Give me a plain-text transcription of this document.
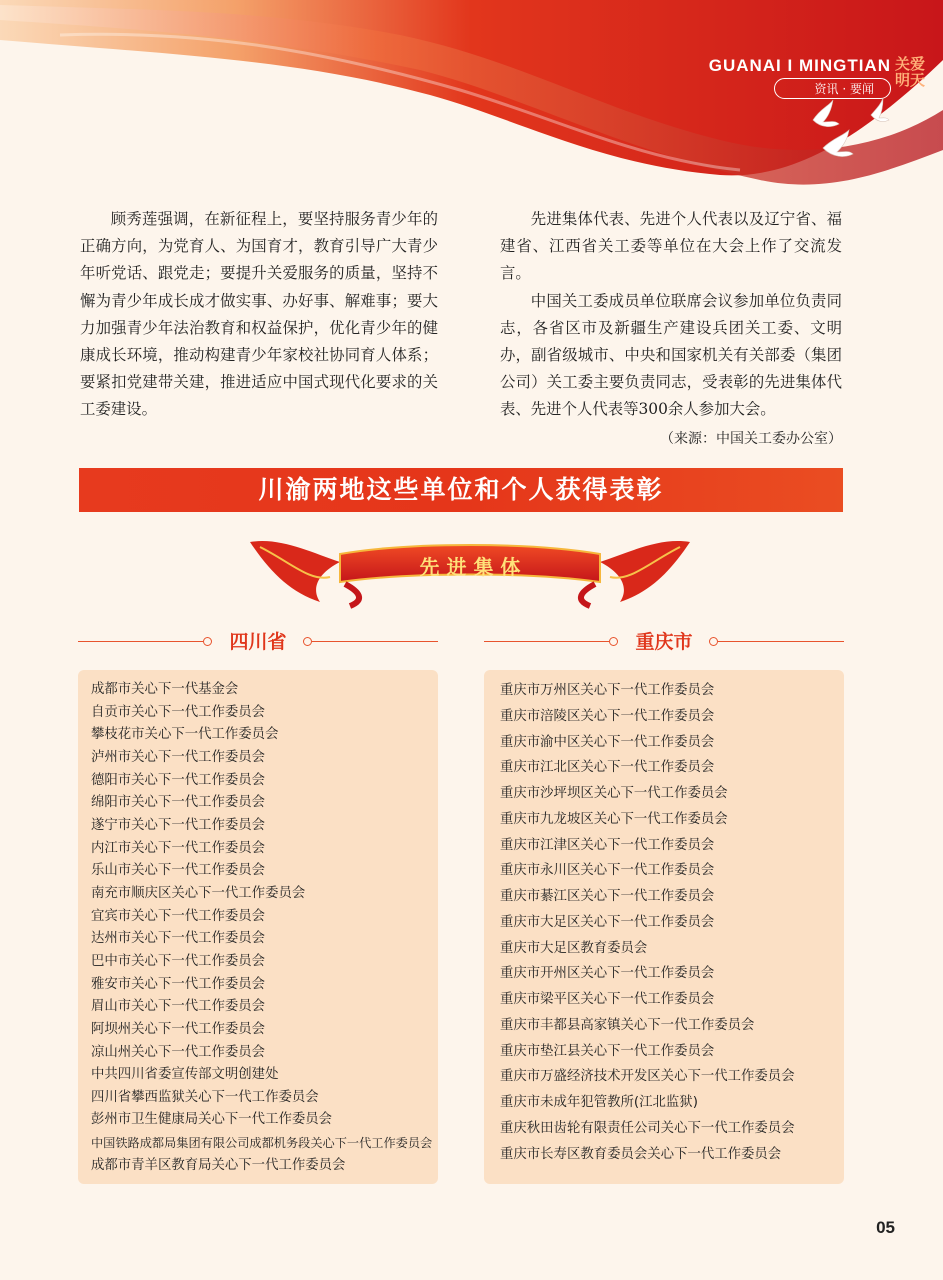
GUANAI I MINGTIAN
资讯 · 要闻
关爱
明天

顾秀莲强调，在新征程上，要坚持服务青少年的正确方向，为党育人、为国育才，教育引导广大青少年听党话、跟党走；要提升关爱服务的质量，坚持不懈为青少年成长成才做实事、办好事、解难事；要大力加强青少年法治教育和权益保护，优化青少年的健康成长环境，推动构建青少年家校社协同育人体系；要紧扣党建带关建，推进适应中国式现代化要求的关工委建设。

先进集体代表、先进个人代表以及辽宁省、福建省、江西省关工委等单位在大会上作了交流发言。

中国关工委成员单位联席会议参加单位负责同志，各省区市及新疆生产建设兵团关工委、文明办，副省级城市、中央和国家机关有关部委（集团公司）关工委主要负责同志，受表彰的先进集体代表、先进个人代表等300余人参加大会。

（来源：中国关工委办公室）
川渝两地这些单位和个人获得表彰
先 进 集 体
四川省	重庆市
成都市关心下一代基金会
自贡市关心下一代工作委员会
攀枝花市关心下一代工作委员会
泸州市关心下一代工作委员会
德阳市关心下一代工作委员会
绵阳市关心下一代工作委员会
遂宁市关心下一代工作委员会
内江市关心下一代工作委员会
乐山市关心下一代工作委员会
南充市顺庆区关心下一代工作委员会
宜宾市关心下一代工作委员会
达州市关心下一代工作委员会
巴中市关心下一代工作委员会
雅安市关心下一代工作委员会
眉山市关心下一代工作委员会
阿坝州关心下一代工作委员会
凉山州关心下一代工作委员会
中共四川省委宣传部文明创建处
四川省攀西监狱关心下一代工作委员会
彭州市卫生健康局关心下一代工作委员会
中国铁路成都局集团有限公司成都机务段关心下一代工作委员会
成都市青羊区教育局关心下一代工作委员会
重庆市万州区关心下一代工作委员会
重庆市涪陵区关心下一代工作委员会
重庆市渝中区关心下一代工作委员会
重庆市江北区关心下一代工作委员会
重庆市沙坪坝区关心下一代工作委员会
重庆市九龙坡区关心下一代工作委员会
重庆市江津区关心下一代工作委员会
重庆市永川区关心下一代工作委员会
重庆市綦江区关心下一代工作委员会
重庆市大足区关心下一代工作委员会
重庆市大足区教育委员会
重庆市开州区关心下一代工作委员会
重庆市梁平区关心下一代工作委员会
重庆市丰都县高家镇关心下一代工作委员会
重庆市垫江县关心下一代工作委员会
重庆市万盛经济技术开发区关心下一代工作委员会
重庆市未成年犯管教所(江北监狱)
重庆秋田齿轮有限责任公司关心下一代工作委员会
重庆市长寿区教育委员会关心下一代工作委员会
05
